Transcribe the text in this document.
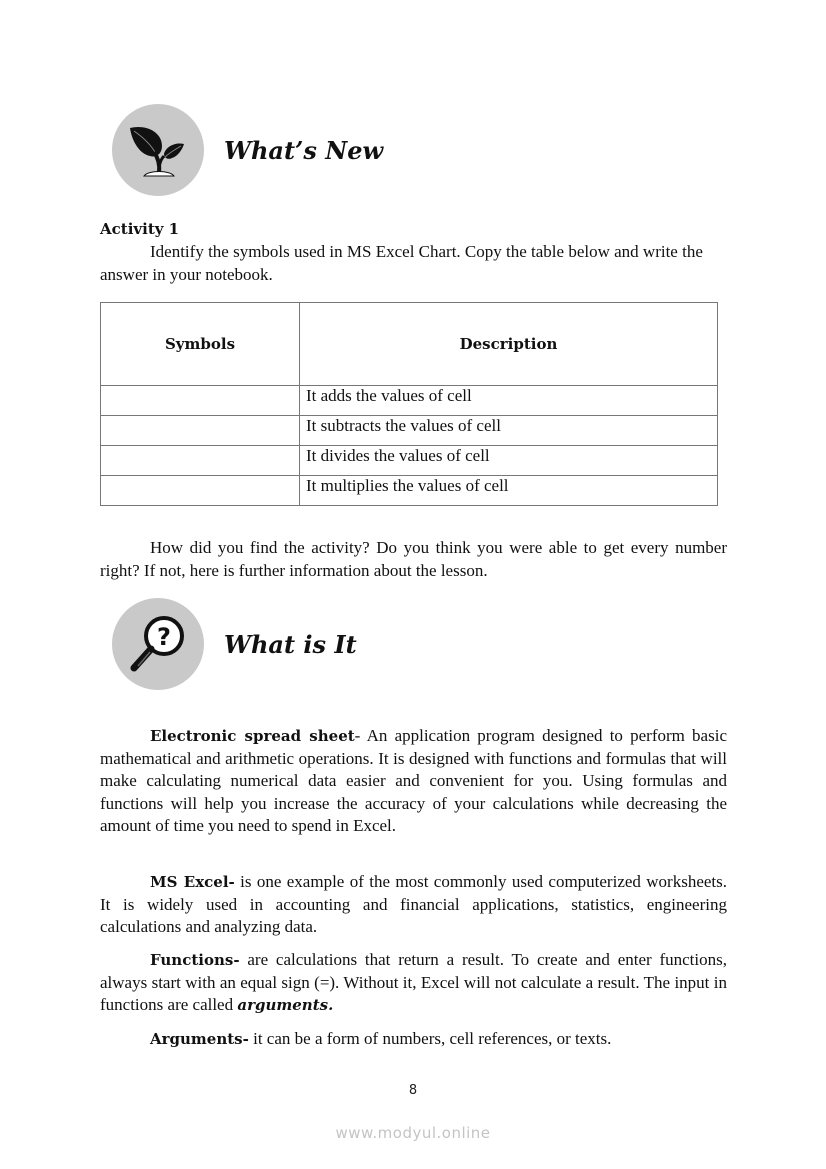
What’s New
Activity 1
Identify the symbols used in MS Excel Chart. Copy the table below and write the answer in your notebook.
Symbols	Description
	It adds the values of cell
	It subtracts the values of cell
	It divides the values of cell
	It multiplies the values of cell
How did you find the activity? Do you think you were able to get every number right? If not, here is further information about the lesson.
? What is It
Electronic spread sheet- An application program designed to perform basic mathematical and arithmetic operations. It is designed with functions and formulas that will make calculating numerical data easier and convenient for you. Using formulas and functions will help you increase the accuracy of your calculations while decreasing the amount of time you need to spend in Excel.
MS Excel- is one example of the most commonly used computerized worksheets. It is widely used in accounting and financial applications, statistics, engineering calculations and analyzing data.
Functions- are calculations that return a result. To create and enter functions, always start with an equal sign (=). Without it, Excel will not calculate a result. The input in functions are called arguments.
Arguments- it can be a form of numbers, cell references, or texts.
8
www.modyul.online
